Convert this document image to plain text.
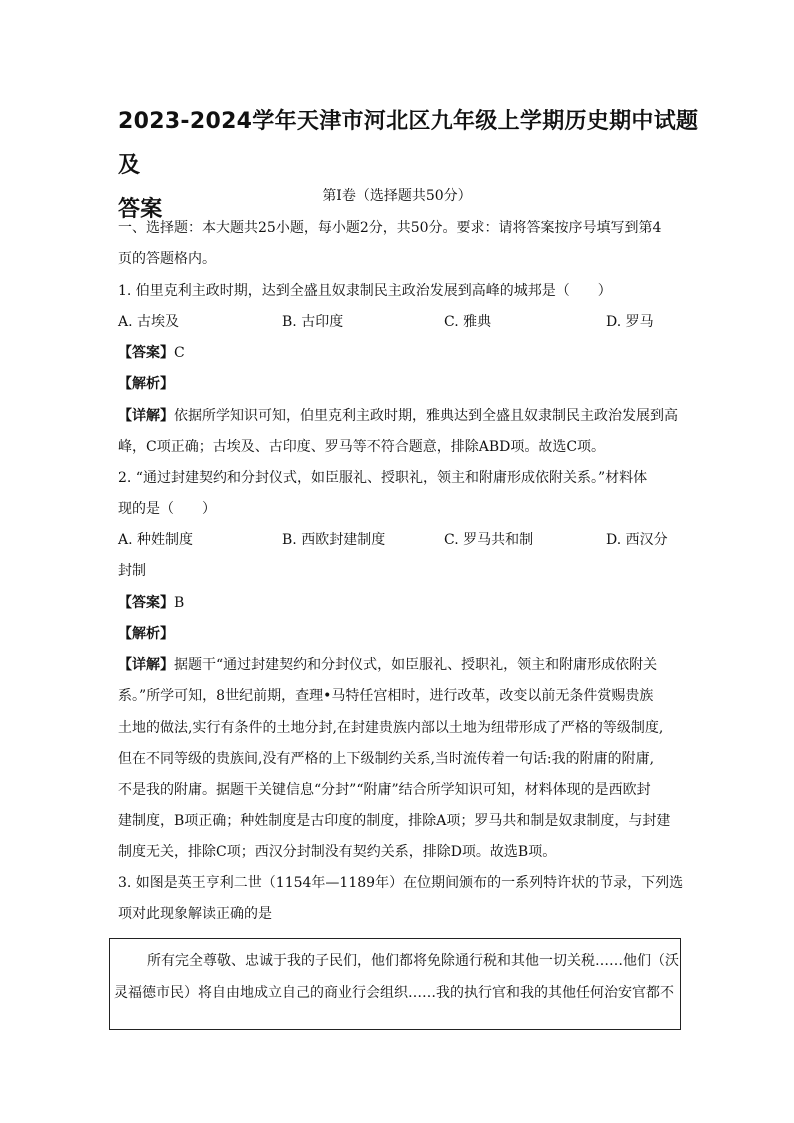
2023-2024学年天津市河北区九年级上学期历史期中试题及
答案
第Ⅰ卷（选择题共50分）
一、选择题：本大题共25小题，每小题2分，共50分。要求：请将答案按序号填写到第4
页的答题格内。
1. 伯里克利主政时期，达到全盛且奴隶制民主政治发展到高峰的城邦是（　　）
A. 古埃及	B. 古印度	C. 雅典	D. 罗马
【答案】C
【解析】
【详解】依据所学知识可知，伯里克利主政时期，雅典达到全盛且奴隶制民主政治发展到高
峰，C项正确；古埃及、古印度、罗马等不符合题意，排除ABD项。故选C项。
2. “通过封建契约和分封仪式，如臣服礼、授职礼，领主和附庸形成依附关系。”材料体
现的是（　　）
A. 种姓制度	B. 西欧封建制度	C. 罗马共和制	D. 西汉分
封制
【答案】B
【解析】
【详解】据题干“通过封建契约和分封仪式，如臣服礼、授职礼，领主和附庸形成依附关
系。”所学可知，8世纪前期，查理•马特任宫相时，进行改革，改变以前无条件赏赐贵族
土地的做法,实行有条件的土地分封,在封建贵族内部以土地为纽带形成了严格的等级制度,
但在不同等级的贵族间,没有严格的上下级制约关系,当时流传着一句话:我的附庸的附庸,
不是我的附庸。据题干关键信息“分封”“附庸”结合所学知识可知，材料体现的是西欧封
建制度，B项正确；种姓制度是古印度的制度，排除A项；罗马共和制是奴隶制度，与封建
制度无关，排除C项；西汉分封制没有契约关系，排除D项。故选B项。
3. 如图是英王亨利二世（1154年—1189年）在位期间颁布的一系列特许状的节录，下列选
项对此现象解读正确的是
所有完全尊敬、忠诚于我的子民们，他们都将免除通行税和其他一切关税……他们（沃
灵福德市民）将自由地成立自己的商业行会组织……我的执行官和我的其他任何治安官都不
